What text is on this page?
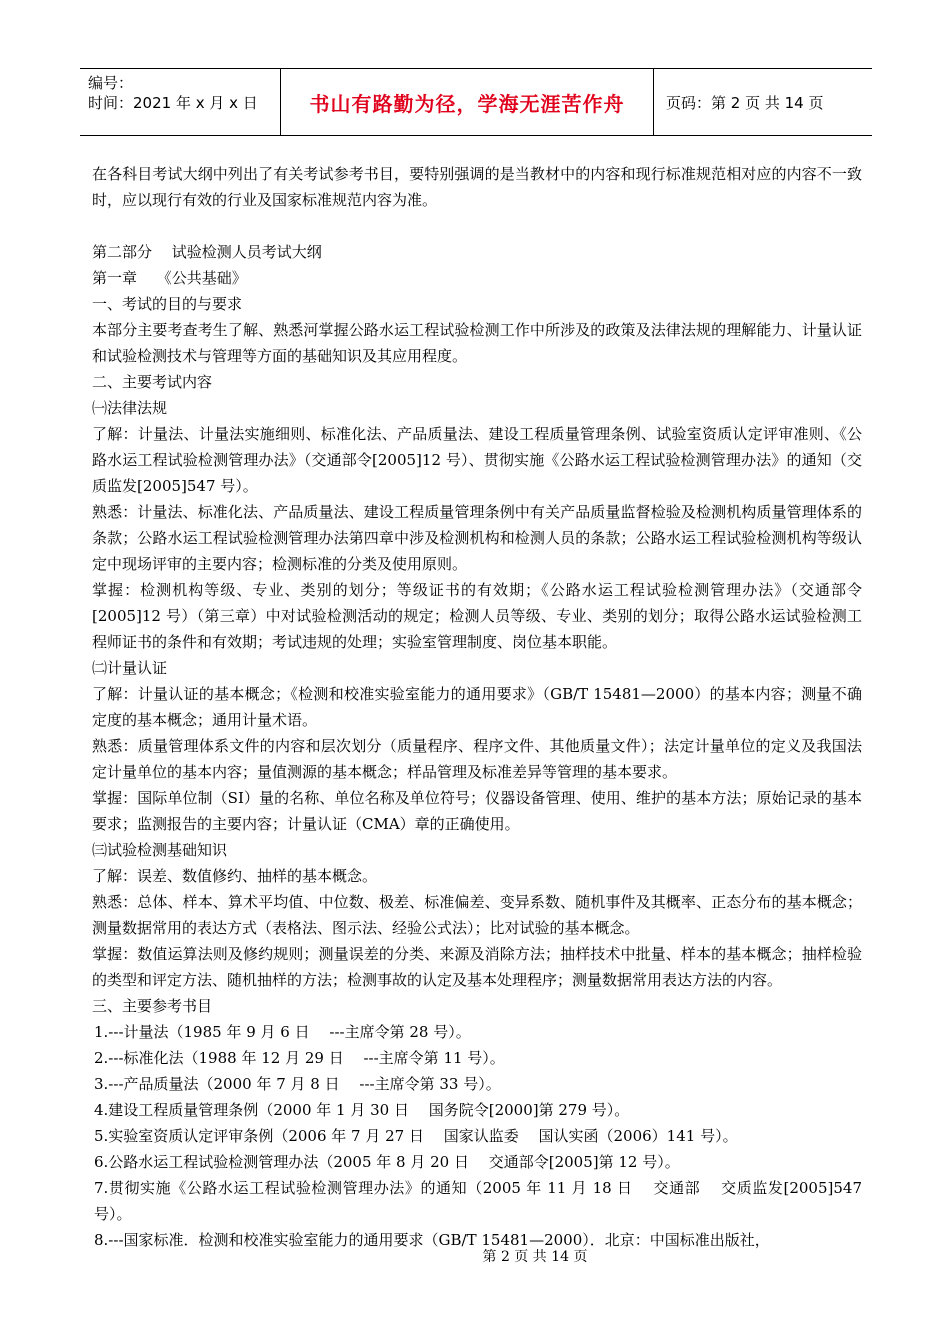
编号：
时间：2021 年 x 月 x 日	书山有路勤为径，学海无涯苦作舟	页码：第 2 页 共 14 页

在各科目考试大纲中列出了有关考试参考书目，要特别强调的是当教材中的内容和现行标准规范相对应的内容不一致时，应以现行有效的行业及国家标准规范内容为准。

第二部分　 试验检测人员考试大纲

第一章　 《公共基础》

一、考试的目的与要求

本部分主要考查考生了解、熟悉河掌握公路水运工程试验检测工作中所涉及的政策及法律法规的理解能力、计量认证和试验检测技术与管理等方面的基础知识及其应用程度。

二、主要考试内容

㈠法律法规

了解：计量法、计量法实施细则、标准化法、产品质量法、建设工程质量管理条例、试验室资质认定评审准则、《公路水运工程试验检测管理办法》（交通部令[2005]12 号）、贯彻实施《公路水运工程试验检测管理办法》的通知（交质监发[2005]547 号）。

熟悉：计量法、标准化法、产品质量法、建设工程质量管理条例中有关产品质量监督检验及检测机构质量管理体系的条款；公路水运工程试验检测管理办法第四章中涉及检测机构和检测人员的条款；公路水运工程试验检测机构等级认定中现场评审的主要内容；检测标准的分类及使用原则。

掌握：检测机构等级、专业、类别的划分；等级证书的有效期；《公路水运工程试验检测管理办法》（交通部令[2005]12 号）（第三章）中对试验检测活动的规定；检测人员等级、专业、类别的划分；取得公路水运试验检测工程师证书的条件和有效期；考试违规的处理；实验室管理制度、岗位基本职能。

㈡计量认证

了解：计量认证的基本概念；《检测和校准实验室能力的通用要求》（GB/T 15481—2000）的基本内容；测量不确定度的基本概念；通用计量术语。

熟悉：质量管理体系文件的内容和层次划分（质量程序、程序文件、其他质量文件）；法定计量单位的定义及我国法定计量单位的基本内容；量值测源的基本概念；样品管理及标准差异等管理的基本要求。

掌握：国际单位制（SI）量的名称、单位名称及单位符号；仪器设备管理、使用、维护的基本方法；原始记录的基本要求；监测报告的主要内容；计量认证（CMA）章的正确使用。

㈢试验检测基础知识

了解：误差、数值修约、抽样的基本概念。

熟悉：总体、样本、算术平均值、中位数、极差、标准偏差、变异系数、随机事件及其概率、正态分布的基本概念；测量数据常用的表达方式（表格法、图示法、经验公式法）；比对试验的基本概念。

掌握：数值运算法则及修约规则；测量误差的分类、来源及消除方法；抽样技术中批量、样本的基本概念；抽样检验的类型和评定方法、随机抽样的方法；检测事故的认定及基本处理程序；测量数据常用表达方法的内容。

三、主要参考书目

1.---计量法（1985 年 9 月 6 日　 ---主席令第 28 号）。

2.---标准化法（1988 年 12 月 29 日　 ---主席令第 11 号）。

3.---产品质量法（2000 年 7 月 8 日　 ---主席令第 33 号）。

4.建设工程质量管理条例（2000 年 1 月 30 日　 国务院令[2000]第 279 号）。

5.实验室资质认定评审条例（2006 年 7 月 27 日　 国家认监委　 国认实函（2006）141 号）。

6.公路水运工程试验检测管理办法（2005 年 8 月 20 日　 交通部令[2005]第 12 号）。

7.贯彻实施《公路水运工程试验检测管理办法》的通知（2005 年 11 月 18 日　 交通部　 交质监发[2005]547 号）。

8.---国家标准．检测和校准实验室能力的通用要求（GB/T 15481—2000）．北京：中国标准出版社，

第 2 页 共 14 页
